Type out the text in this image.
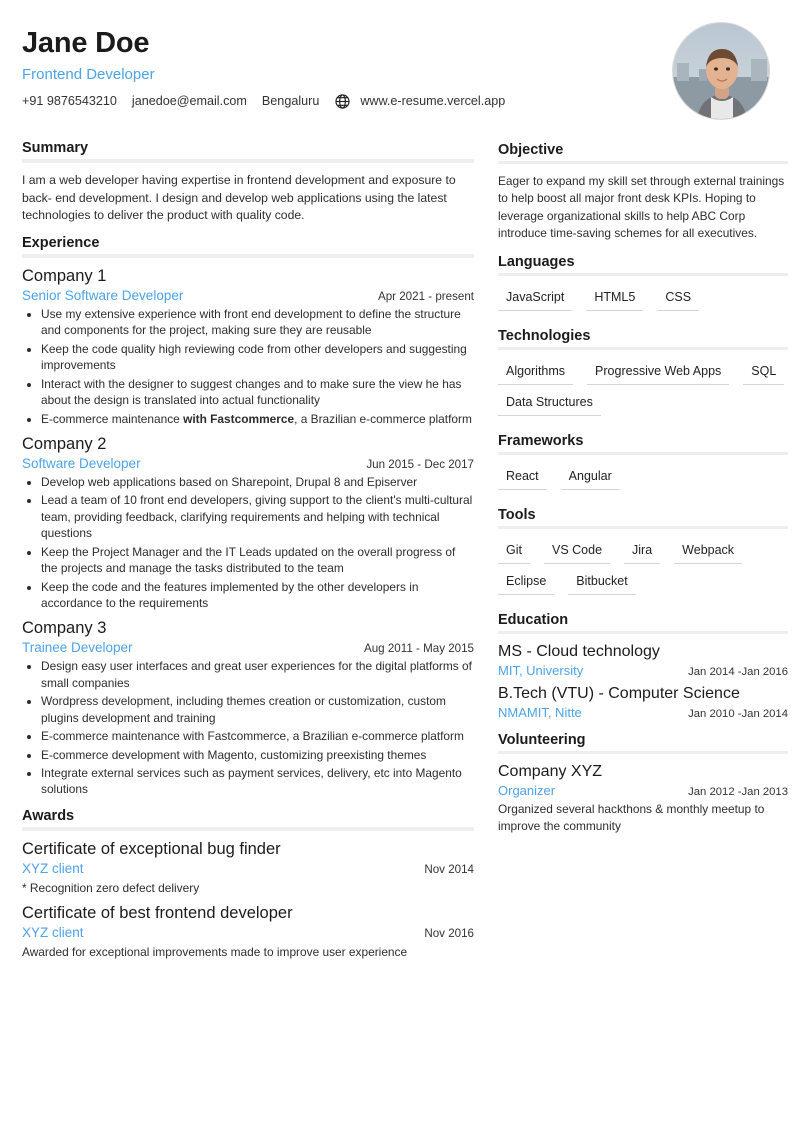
Jane Doe
Frontend Developer
+91 9876543210 janedoe@email.com Bengaluru	www.e-resume.vercel.app
Summary

I am a web developer having expertise in frontend development and exposure to back- end development. I design and develop web applications using the latest technologies to deliver the product with quality code.

Experience
Company 1
Senior Software Developer	Apr 2021 - present
• Use my extensive experience with front end development to define the structure and components for the project, making sure they are reusable
• Keep the code quality high reviewing code from other developers and suggesting improvements
• Interact with the designer to suggest changes and to make sure the view he has about the design is translated into actual functionality
• E-commerce maintenance with Fastcommerce, a Brazilian e-commerce platform
Company 2
Software Developer	Jun 2015 - Dec 2017
• Develop web applications based on Sharepoint, Drupal 8 and Episerver
• Lead a team of 10 front end developers, giving support to the client's multi-cultural team, providing feedback, clarifying requirements and helping with technical questions
• Keep the Project Manager and the IT Leads updated on the overall progress of the projects and manage the tasks distributed to the team
• Keep the code and the features implemented by the other developers in accordance to the requirements
Company 3
Trainee Developer	Aug 2011 - May 2015
• Design easy user interfaces and great user experiences for the digital platforms of small companies
• Wordpress development, including themes creation or customization, custom plugins development and training
• E-commerce maintenance with Fastcommerce, a Brazilian e-commerce platform
• E-commerce development with Magento, customizing preexisting themes
• Integrate external services such as payment services, delivery, etc into Magento solutions
Awards
Certificate of exceptional bug finder
XYZ client	Nov 2014
* Recognition zero defect delivery
Certificate of best frontend developer
XYZ client	Nov 2016
Awarded for exceptional improvements made to improve user experience
Objective

Eager to expand my skill set through external trainings to help boost all major front desk KPIs. Hoping to leverage organizational skills to help ABC Corp introduce time-saving schemes for all executives.

Languages
JavaScript	HTML5	CSS
Technologies
Algorithms	Progressive Web Apps	SQL
Data Structures
Frameworks
React	Angular
Tools
Git	VS Code	Jira	Webpack
Eclipse	Bitbucket
Education
MS - Cloud technology
MIT, University	Jan 2014 -Jan 2016
B.Tech (VTU) - Computer Science
NMAMIT, Nitte	Jan 2010 -Jan 2014
Volunteering
Company XYZ
Organizer	Jan 2012 -Jan 2013

Organized several hackthons & monthly meetup to improve the community
